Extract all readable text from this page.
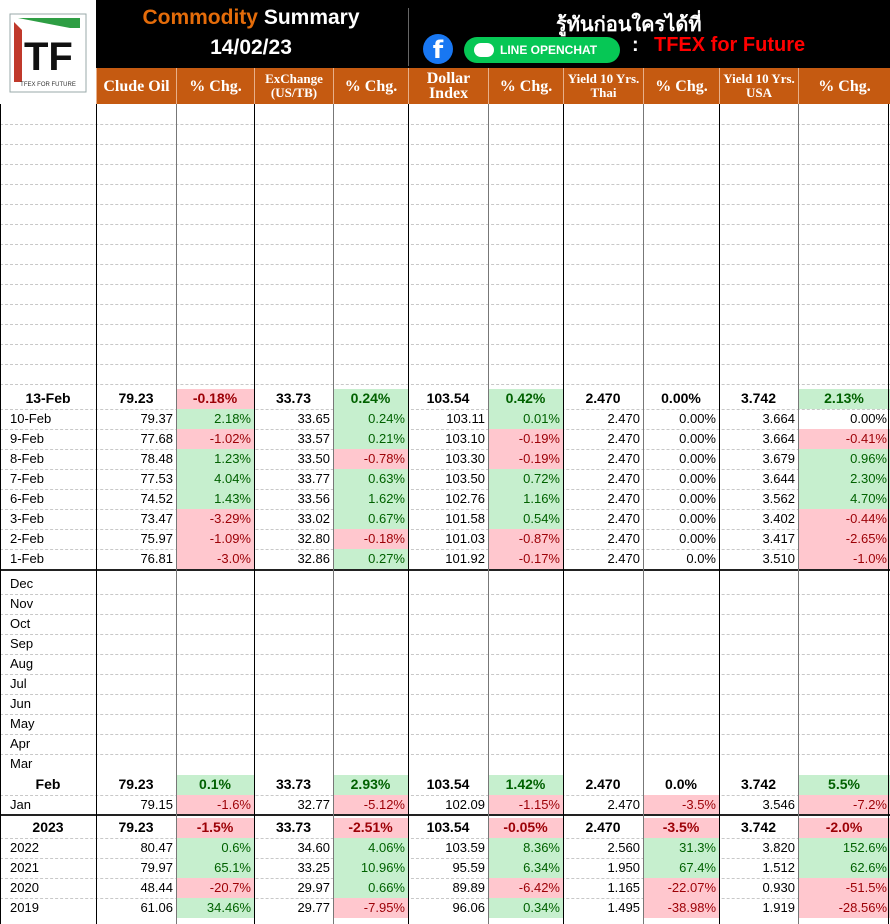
TF
TFEX FOR FUTURE
Commodity Summary
14/02/23
รู้ทันก่อนใครได้ที่
f	LINE OPENCHAT	: TFEX for Future
Clude Oil	% Chg.	ExChange (US/TB)	% Chg.	Dollar Index	% Chg.	Yield 10 Yrs. Thai	% Chg.	Yield 10 Yrs. USA	% Chg.
13-Feb	79.23	-0.18%	33.73	0.24%	103.54	0.42%	2.470	0.00%	3.742	2.13%
10-Feb	79.37	2.18%	33.65	0.24%	103.11	0.01%	2.470	0.00%	3.664	0.00%
9-Feb	77.68	-1.02%	33.57	0.21%	103.10	-0.19%	2.470	0.00%	3.664	-0.41%
8-Feb	78.48	1.23%	33.50	-0.78%	103.30	-0.19%	2.470	0.00%	3.679	0.96%
7-Feb	77.53	4.04%	33.77	0.63%	103.50	0.72%	2.470	0.00%	3.644	2.30%
6-Feb	74.52	1.43%	33.56	1.62%	102.76	1.16%	2.470	0.00%	3.562	4.70%
3-Feb	73.47	-3.29%	33.02	0.67%	101.58	0.54%	2.470	0.00%	3.402	-0.44%
2-Feb	75.97	-1.09%	32.80	-0.18%	101.03	-0.87%	2.470	0.00%	3.417	-2.65%
1-Feb	76.81	-3.0%	32.86	0.27%	101.92	-0.17%	2.470	0.0%	3.510	-1.0%
Dec
Nov
Oct
Sep
Aug
Jul
Jun
May
Apr
Mar
Feb	79.23	0.1%	33.73	2.93%	103.54	1.42%	2.470	0.0%	3.742	5.5%
Jan	79.15	-1.6%	32.77	-5.12%	102.09	-1.15%	2.470	-3.5%	3.546	-7.2%
2023	79.23	-1.5%	33.73	-2.51%	103.54	-0.05%	2.470	-3.5%	3.742	-2.0%
2022	80.47	0.6%	34.60	4.06%	103.59	8.36%	2.560	31.3%	3.820	152.6%
2021	79.97	65.1%	33.25	10.96%	95.59	6.34%	1.950	67.4%	1.512	62.6%
2020	48.44	-20.7%	29.97	0.66%	89.89	-6.42%	1.165	-22.07%	0.930	-51.5%
2019	61.06	34.46%	29.77	-7.95%	96.06	0.34%	1.495	-38.98%	1.919	-28.56%
